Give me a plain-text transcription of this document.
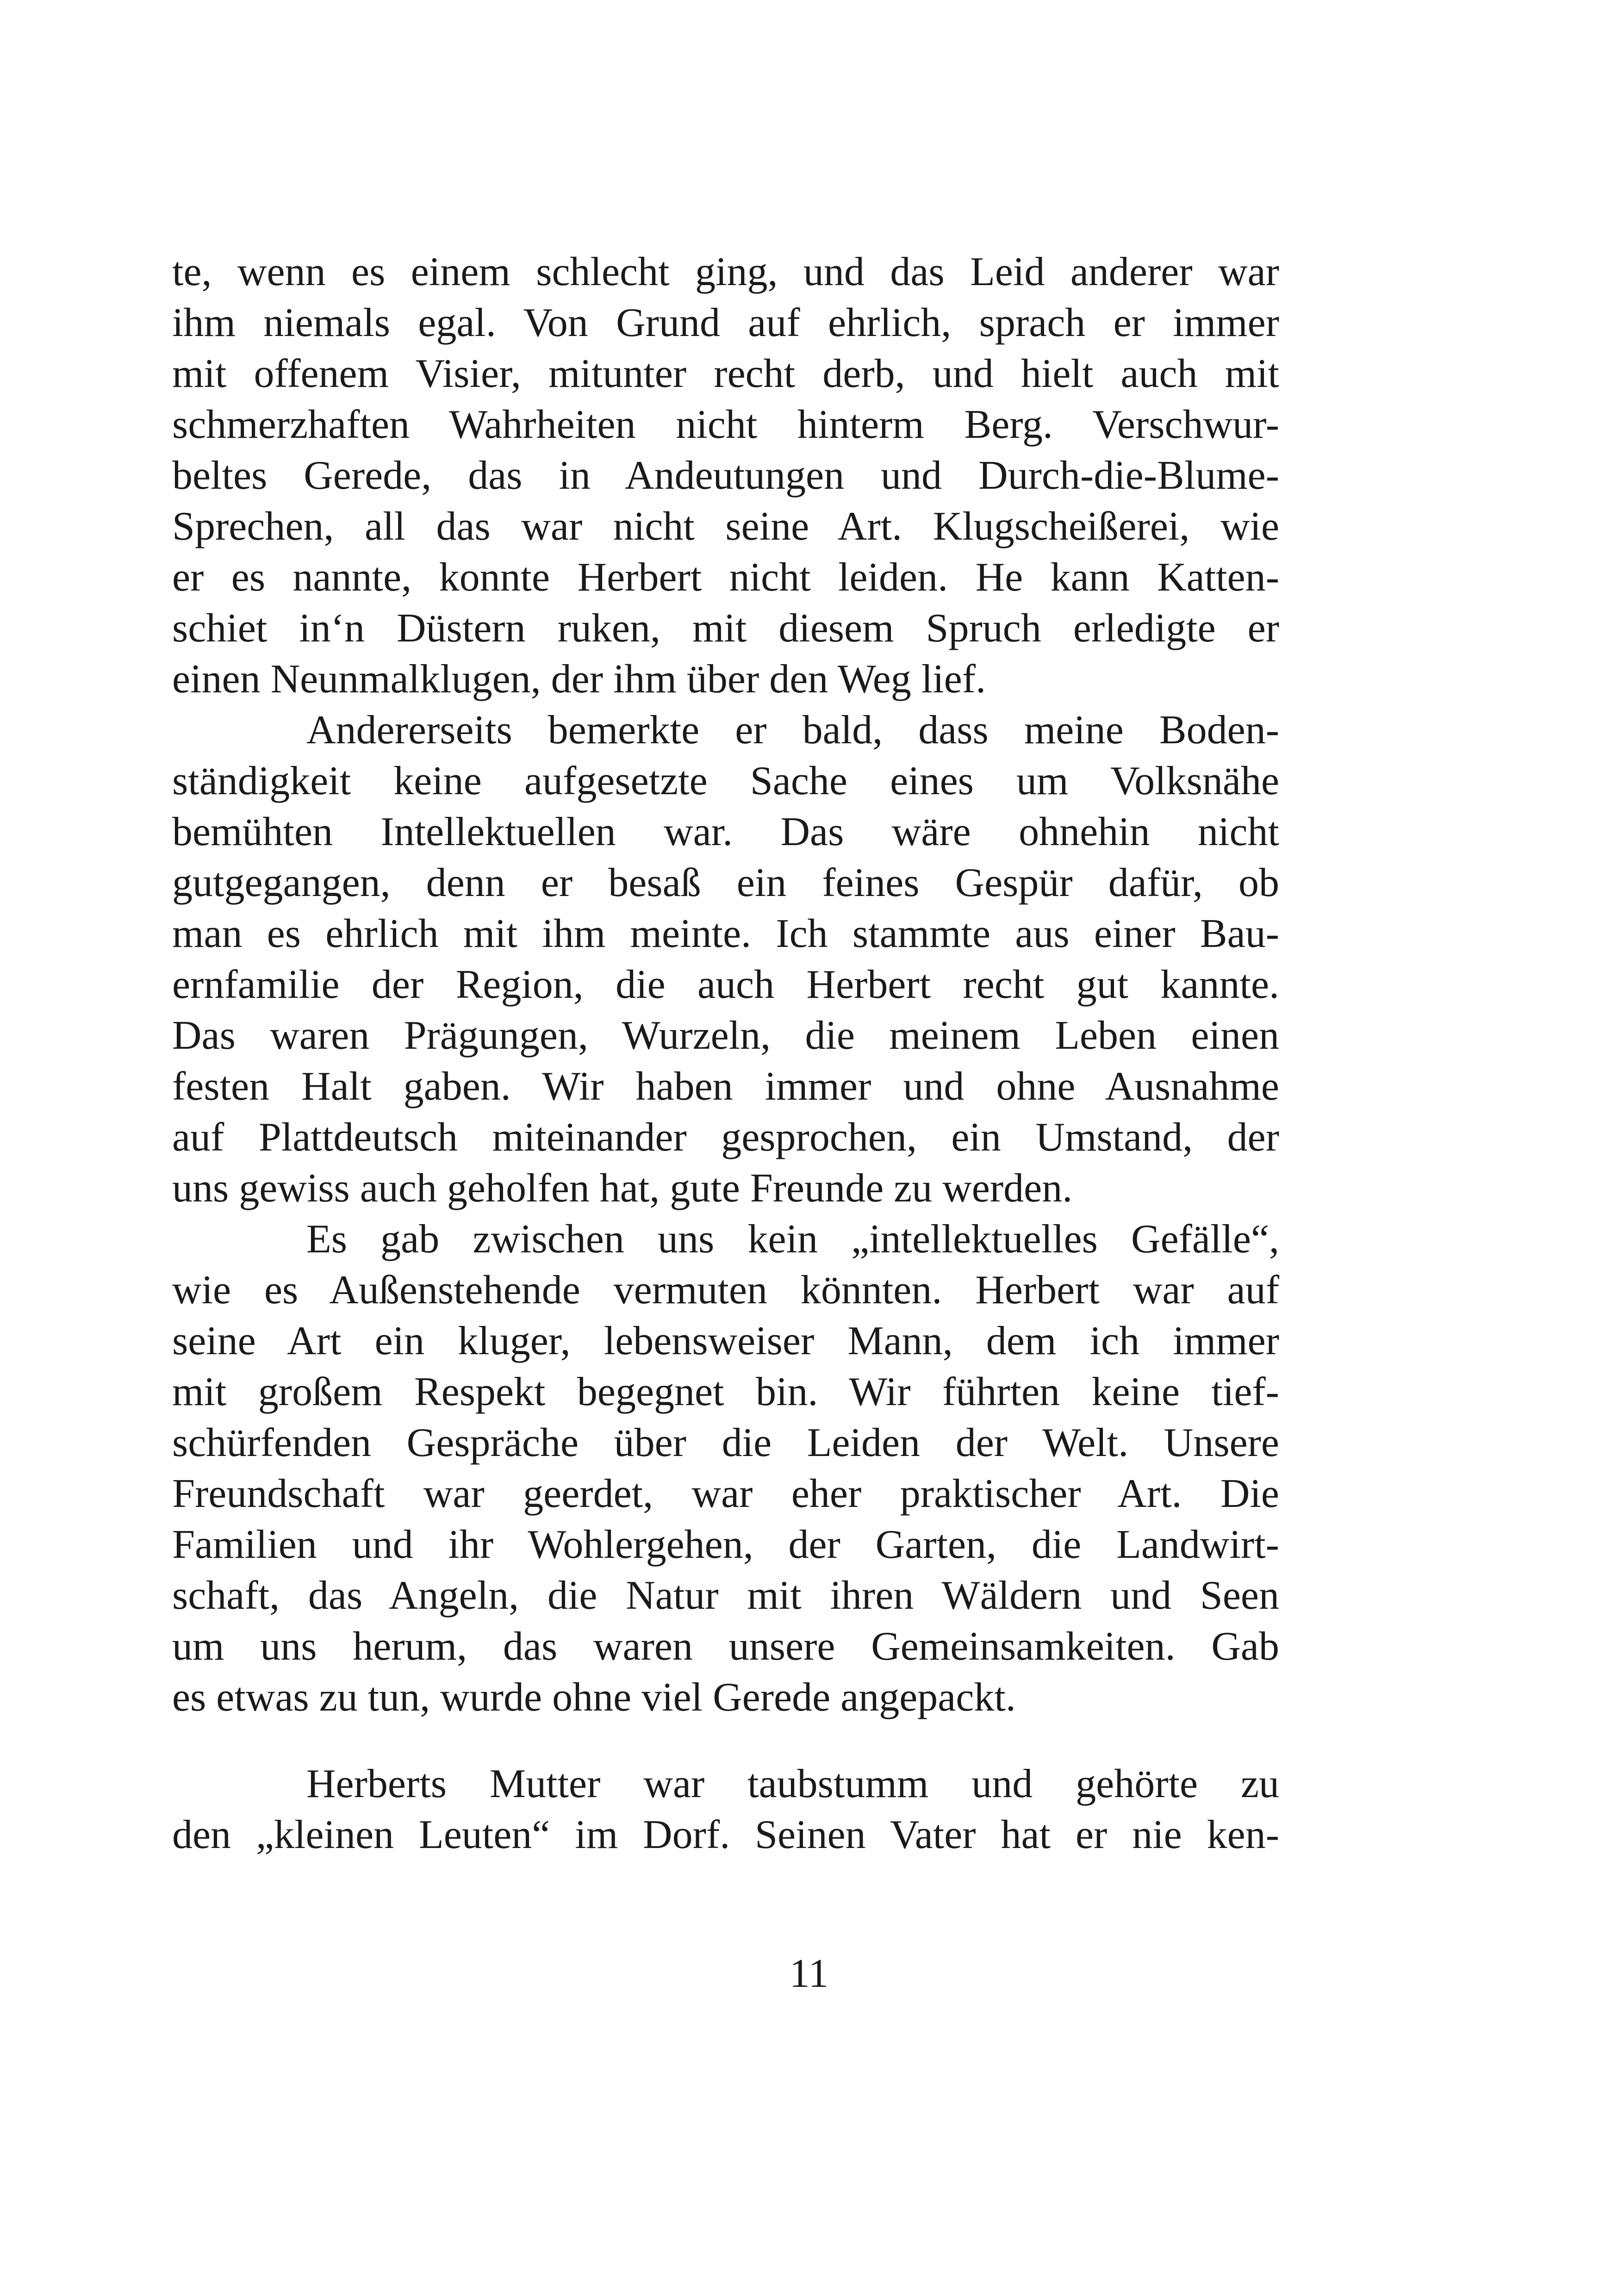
te, wenn es einem schlecht ging, und das Leid anderer war
ihm niemals egal. Von Grund auf ehrlich, sprach er immer
mit offenem Visier, mitunter recht derb, und hielt auch mit
schmerzhaften Wahrheiten nicht hinterm Berg. Verschwur-
beltes Gerede, das in Andeutungen und Durch-die-Blume-
Sprechen, all das war nicht seine Art. Klugscheißerei, wie
er es nannte, konnte Herbert nicht leiden. He kann Katten-
schiet in‘n Düstern ruken, mit diesem Spruch erledigte er
einen Neunmalklugen, der ihm über den Weg lief.
Andererseits bemerkte er bald, dass meine Boden-
ständigkeit keine aufgesetzte Sache eines um Volksnähe
bemühten Intellektuellen war. Das wäre ohnehin nicht
gutgegangen, denn er besaß ein feines Gespür dafür, ob
man es ehrlich mit ihm meinte. Ich stammte aus einer Bau-
ernfamilie der Region, die auch Herbert recht gut kannte.
Das waren Prägungen, Wurzeln, die meinem Leben einen
festen Halt gaben. Wir haben immer und ohne Ausnahme
auf Plattdeutsch miteinander gesprochen, ein Umstand, der
uns gewiss auch geholfen hat, gute Freunde zu werden.
Es gab zwischen uns kein „intellektuelles Gefälle“,
wie es Außenstehende vermuten könnten. Herbert war auf
seine Art ein kluger, lebensweiser Mann, dem ich immer
mit großem Respekt begegnet bin. Wir führten keine tief-
schürfenden Gespräche über die Leiden der Welt. Unsere
Freundschaft war geerdet, war eher praktischer Art. Die
Familien und ihr Wohlergehen, der Garten, die Landwirt-
schaft, das Angeln, die Natur mit ihren Wäldern und Seen
um uns herum, das waren unsere Gemeinsamkeiten. Gab
es etwas zu tun, wurde ohne viel Gerede angepackt.
Herberts Mutter war taubstumm und gehörte zu
den „kleinen Leuten“ im Dorf. Seinen Vater hat er nie ken-
11
